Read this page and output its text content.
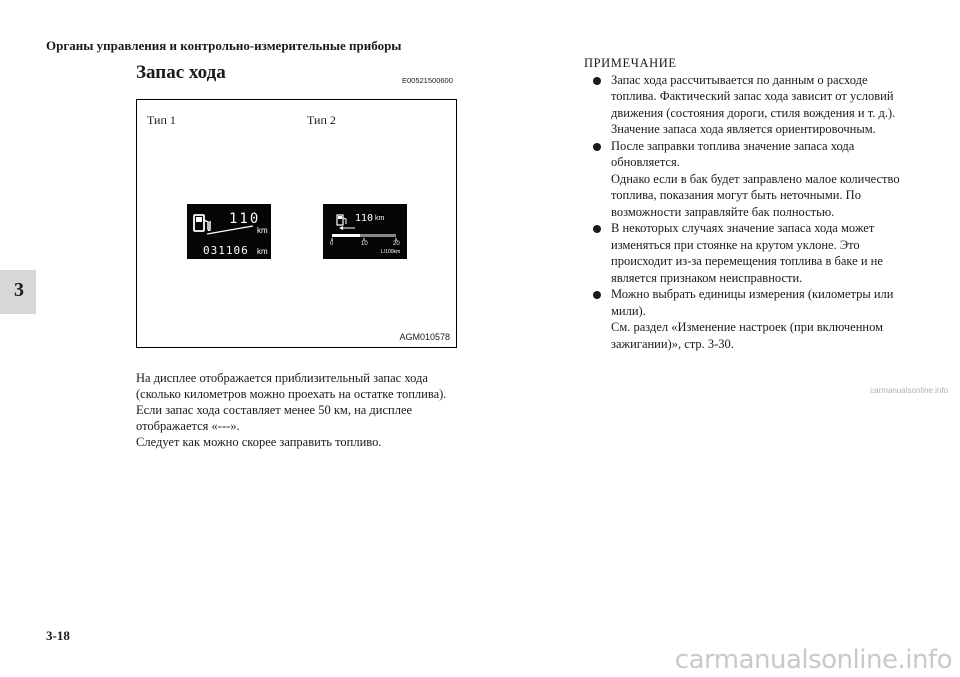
Органы управления и контрольно-измерительные приборы
3
Запас хода	E00521500600
Тип 1	Тип 2
110
km
031106 km
110 km
0	10	20
L/100km
AGM010578

На дисплее отображается приблизительный запас хода (сколько километров можно проехать на остатке топлива). Если запас хода составляет менее 50 км, на дисплее отображается «---».

Следует как можно скорее заправить топливо.

ПРИМЕЧАНИЕ

Запас хода рассчитывается по данным о расходе топлива. Фактический запас хода зависит от условий движения (состояния дороги, стиля вождения и т. д.). Значение запаса хода является ориентировочным.

После заправки топлива значение запаса хода обновляется.

Однако если в бак будет заправлено малое количество топлива, показания могут быть неточными. По возможности заправляйте бак полностью.

В некоторых случаях значение запаса хода может изменяться при стоянке на крутом уклоне. Это происходит из-за перемещения топлива в баке и не является признаком неисправности.

Можно выбрать единицы измерения (километры или мили).

См. раздел «Изменение настроек (при включенном зажигании)», стр. 3-30.

carmanualsonline.info
3-18
carmanualsonline.info
